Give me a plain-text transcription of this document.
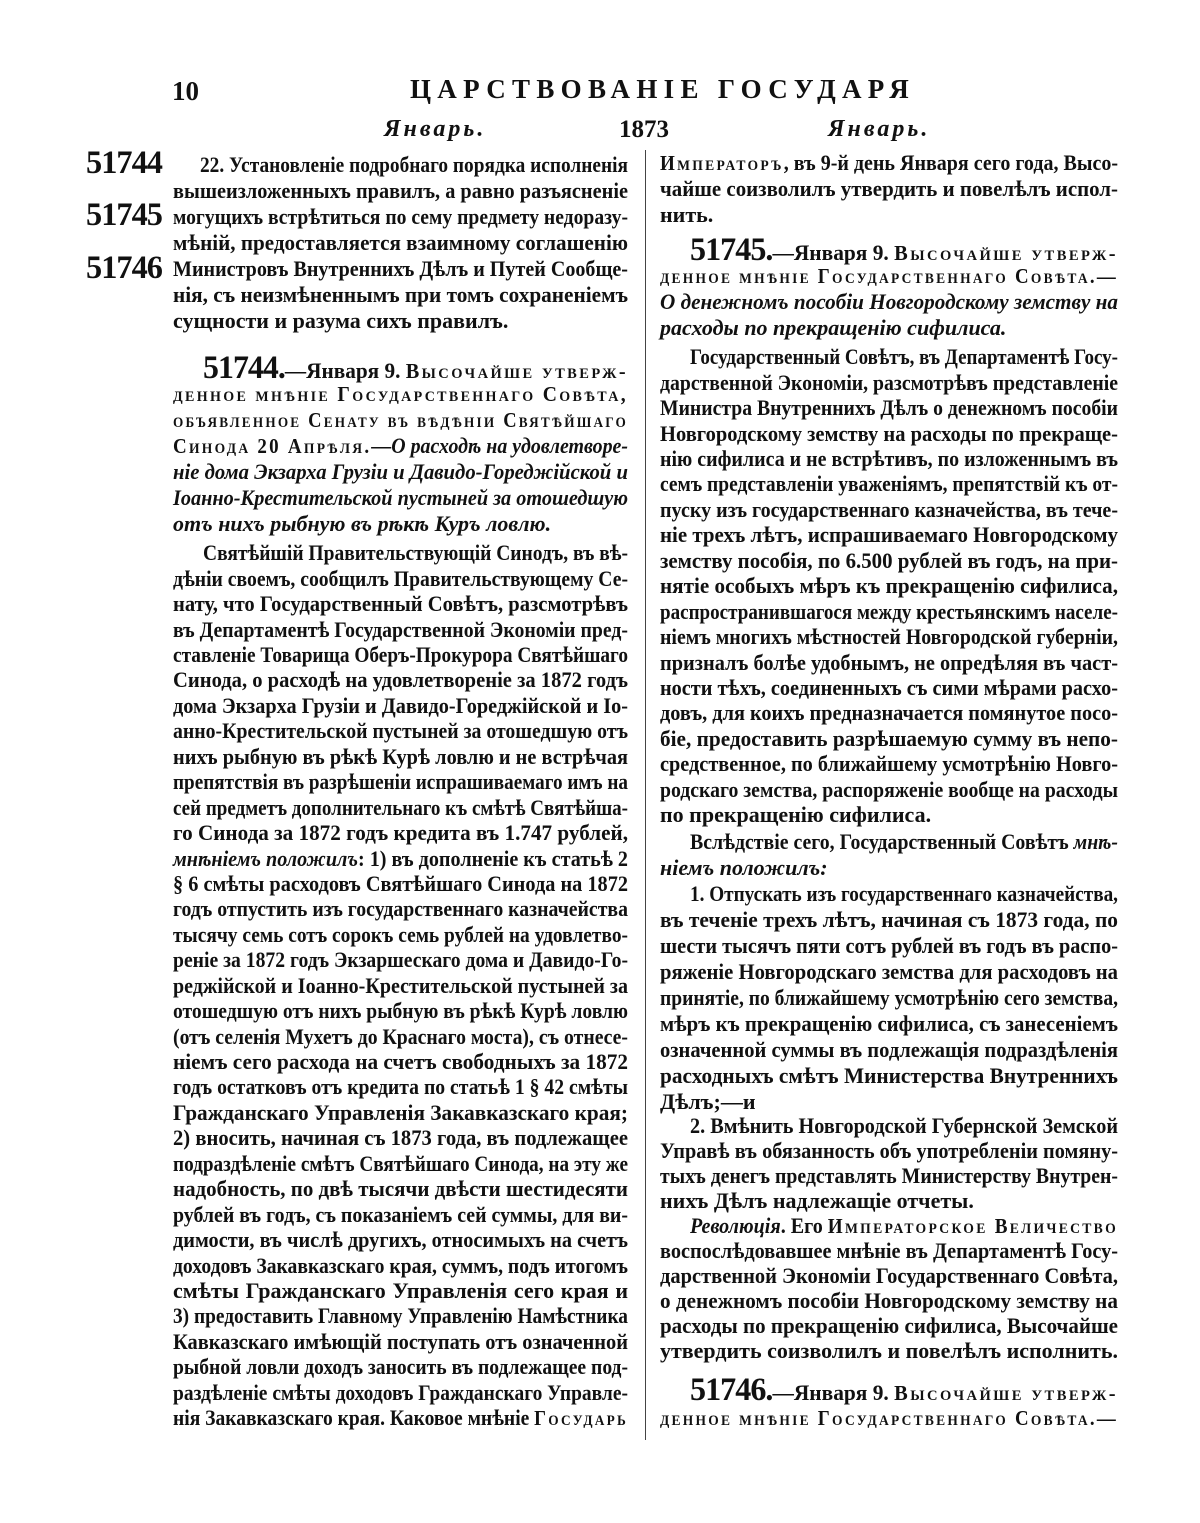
10	ЦАРСТВОВАНІЕ ГОСУДАРЯ
Январь.	1873	Январь.
51744
51745
51746
22. Установленіе подробнаго порядка исполненія
вышеизложенныхъ правилъ, а равно разъясненіе
могущихъ встрѣтиться по сему предмету недоразу-
мѣній, предоставляется взаимному соглашенію
Министровъ Внутреннихъ Дѣлъ и Путей Сообще-
нія, съ неизмѣненнымъ при томъ сохраненіемъ
сущности и разума сихъ правилъ.
51744.—Января 9. Высочайше утверж-
денное мнѣніе Государственнаго Совѣта,
объявленное Сенату въ вѣдѣніи Святѣйшаго
Синода 20 Апрѣля.—О расходѣ на удовлетворе-
ніе дома Экзарха Грузіи и Давидо-Гореджійской и
Іоанно-Крестительской пустыней за отошедшую
отъ нихъ рыбную въ рѣкѣ Куръ ловлю.
Святѣйшій Правительствующій Синодъ, въ вѣ-
дѣніи своемъ, сообщилъ Правительствующему Се-
нату, что Государственный Совѣтъ, разсмотрѣвъ
въ Департаментѣ Государственной Экономіи пред-
ставленіе Товарища Оберъ-Прокурора Святѣйшаго
Синода, о расходѣ на удовлетвореніе за 1872 годъ
дома Экзарха Грузіи и Давидо-Гореджійской и Іо-
анно-Крестительской пустыней за отошедшую отъ
нихъ рыбную въ рѣкѣ Курѣ ловлю и не встрѣчая
препятствія въ разрѣшеніи испрашиваемаго имъ на
сей предметъ дополнительнаго къ смѣтѣ Святѣйша-
го Синода за 1872 годъ кредита въ 1.747 рублей,
мнѣніемъ положилъ: 1) въ дополненіе къ статьѣ 2
§ 6 смѣты расходовъ Святѣйшаго Синода на 1872
годъ отпустить изъ государственнаго казначейства
тысячу семь сотъ сорокъ семь рублей на удовлетво-
реніе за 1872 годъ Экзаршескаго дома и Давидо-Го-
реджійской и Іоанно-Крестительской пустыней за
отошедшую отъ нихъ рыбную въ рѣкѣ Курѣ ловлю
(отъ селенія Мухетъ до Краснаго моста), съ отнесе-
ніемъ сего расхода на счетъ свободныхъ за 1872
годъ остатковъ отъ кредита по статьѣ 1 § 42 смѣты
Гражданскаго Управленія Закавказскаго края;
2) вносить, начиная съ 1873 года, въ подлежащее
подраздѣленіе смѣтъ Святѣйшаго Синода, на эту же
надобность, по двѣ тысячи двѣсти шестидесяти
рублей въ годъ, съ показаніемъ сей суммы, для ви-
димости, въ числѣ другихъ, относимыхъ на счетъ
доходовъ Закавказскаго края, суммъ, подъ итогомъ
смѣты Гражданскаго Управленія сего края и
3) предоставить Главному Управленію Намѣстника
Кавказскаго имѣющій поступать отъ означенной
рыбной ловли доходъ заносить въ подлежащее под-
раздѣленіе смѣты доходовъ Гражданскаго Управле-
нія Закавказскаго края. Каковое мнѣніе Государь
Императоръ, въ 9-й день Января сего года, Высо-
чайше соизволилъ утвердить и повелѣлъ испол-
нить.
51745.—Января 9. Высочайше утверж-
денное мнѣніе Государственнаго Совѣта.—
О денежномъ пособіи Новгородскому земству на
расходы по прекращенію сифилиса.
Государственный Совѣтъ, въ Департаментѣ Госу-
дарственной Экономіи, разсмотрѣвъ представленіе
Министра Внутреннихъ Дѣлъ о денежномъ пособіи
Новгородскому земству на расходы по прекраще-
нію сифилиса и не встрѣтивъ, по изложеннымъ въ
семъ представленіи уваженіямъ, препятствій къ от-
пуску изъ государственнаго казначейства, въ тече-
ніе трехъ лѣтъ, испрашиваемаго Новгородскому
земству пособія, по 6.500 рублей въ годъ, на при-
нятіе особыхъ мѣръ къ прекращенію сифилиса,
распространившагося между крестьянскимъ населе-
ніемъ многихъ мѣстностей Новгородской губерніи,
призналъ болѣе удобнымъ, не опредѣляя въ част-
ности тѣхъ, соединенныхъ съ сими мѣрами расхо-
довъ, для коихъ предназначается помянутое посо-
біе, предоставить разрѣшаемую сумму въ непо-
средственное, по ближайшему усмотрѣнію Новго-
родскаго земства, распоряженіе вообще на расходы
по прекращенію сифилиса.
Вслѣдствіе сего, Государственный Совѣтъ мнѣ-
ніемъ положилъ:
1. Отпускать изъ государственнаго казначейства,
въ теченіе трехъ лѣтъ, начиная съ 1873 года, по
шести тысячъ пяти сотъ рублей въ годъ въ распо-
ряженіе Новгородскаго земства для расходовъ на
принятіе, по ближайшему усмотрѣнію сего земства,
мѣръ къ прекращенію сифилиса, съ занесеніемъ
означенной суммы въ подлежащія подраздѣленія
расходныхъ смѣтъ Министерства Внутреннихъ
Дѣлъ;—и
2. Вмѣнить Новгородской Губернской Земской
Управѣ въ обязанность объ употребленіи помяну-
тыхъ денегъ представлять Министерству Внутрен-
нихъ Дѣлъ надлежащіе отчеты.
Революція. Его Императорское Величество
воспослѣдовавшее мнѣніе въ Департаментѣ Госу-
дарственной Экономіи Государственнаго Совѣта,
о денежномъ пособіи Новгородскому земству на
расходы по прекращенію сифилиса, Высочайше
утвердить соизволилъ и повелѣлъ исполнить.
51746.—Января 9. Высочайше утверж-
денное мнѣніе Государственнаго Совѣта.—
